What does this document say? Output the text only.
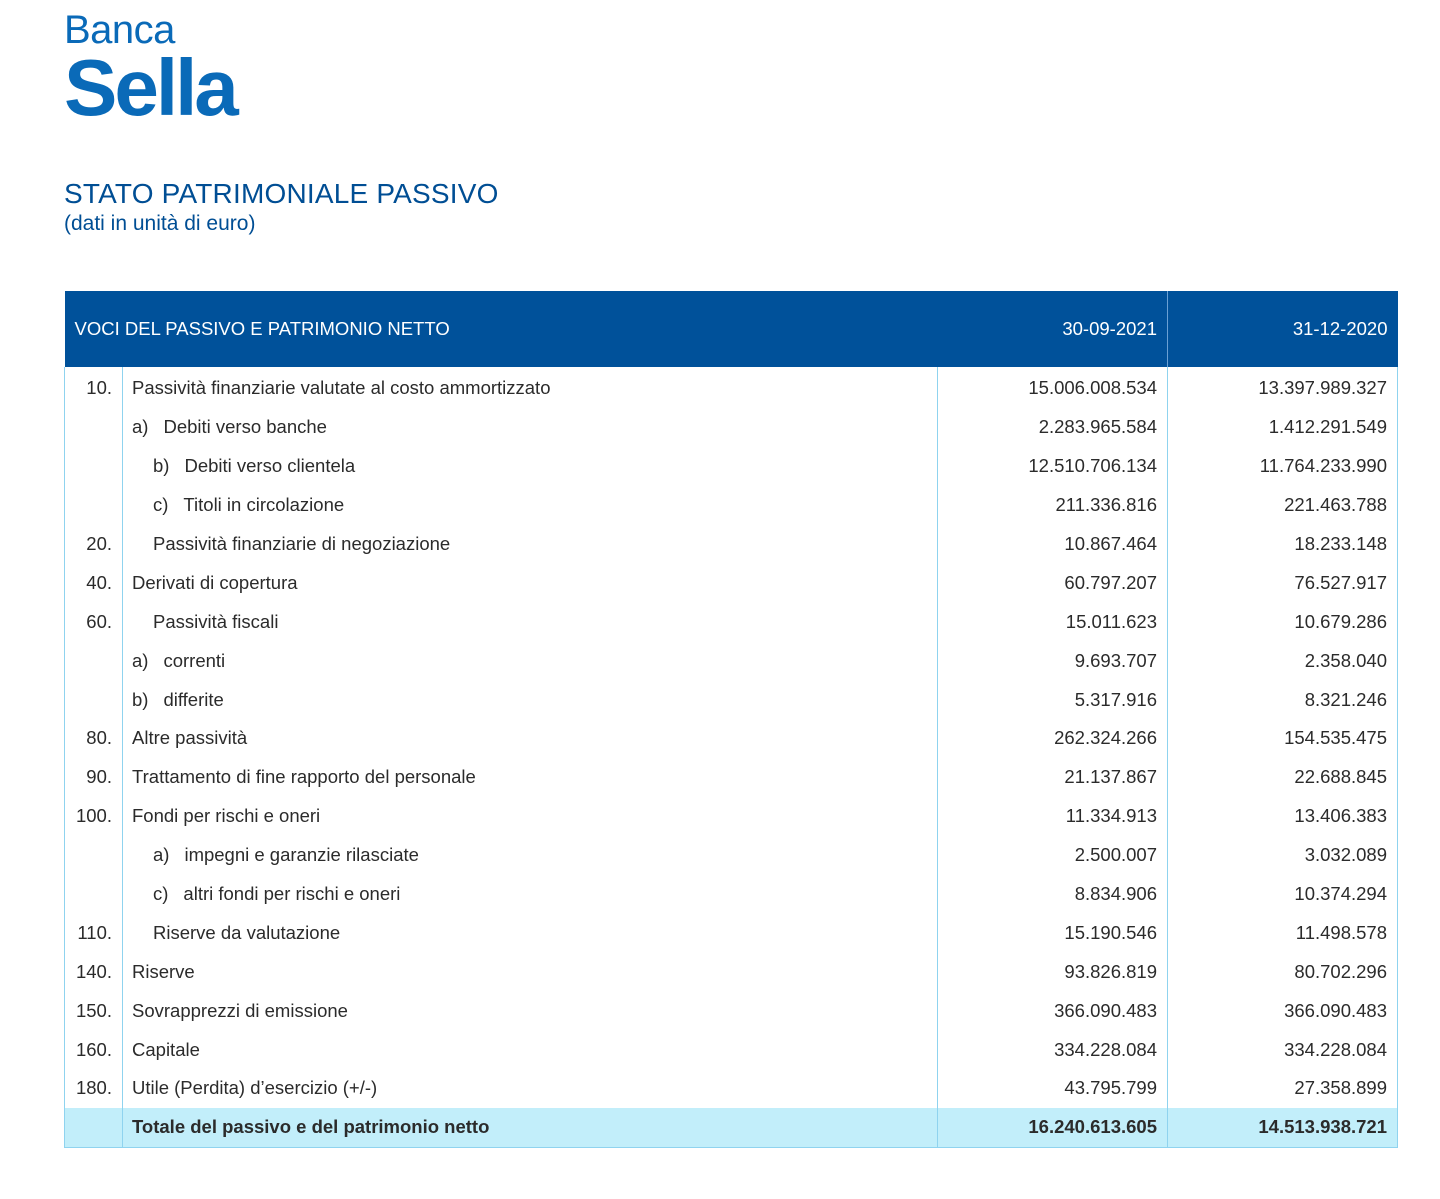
Banca
Sella
STATO PATRIMONIALE PASSIVO
(dati in unità di euro)
VOCI DEL PASSIVO E PATRIMONIO NETTO		30-09-2021	31-12-2020
10.	Passività finanziarie valutate al costo ammortizzato	15.006.008.534	13.397.989.327
	a) Debiti verso banche	2.283.965.584	1.412.291.549
	b) Debiti verso clientela	12.510.706.134	11.764.233.990
	c) Titoli in circolazione	211.336.816	221.463.788
20.	Passività finanziarie di negoziazione	10.867.464	18.233.148
40.	Derivati di copertura	60.797.207	76.527.917
60.	Passività fiscali	15.011.623	10.679.286
	a) correnti	9.693.707	2.358.040
	b) differite	5.317.916	8.321.246
80.	Altre passività	262.324.266	154.535.475
90.	Trattamento di fine rapporto del personale	21.137.867	22.688.845
100.	Fondi per rischi e oneri	11.334.913	13.406.383
	a) impegni e garanzie rilasciate	2.500.007	3.032.089
	c) altri fondi per rischi e oneri	8.834.906	10.374.294
110.	Riserve da valutazione	15.190.546	11.498.578
140.	Riserve	93.826.819	80.702.296
150.	Sovrapprezzi di emissione	366.090.483	366.090.483
160.	Capitale	334.228.084	334.228.084
180.	Utile (Perdita) d’esercizio (+/-)	43.795.799	27.358.899
	Totale del passivo e del patrimonio netto	16.240.613.605	14.513.938.721
